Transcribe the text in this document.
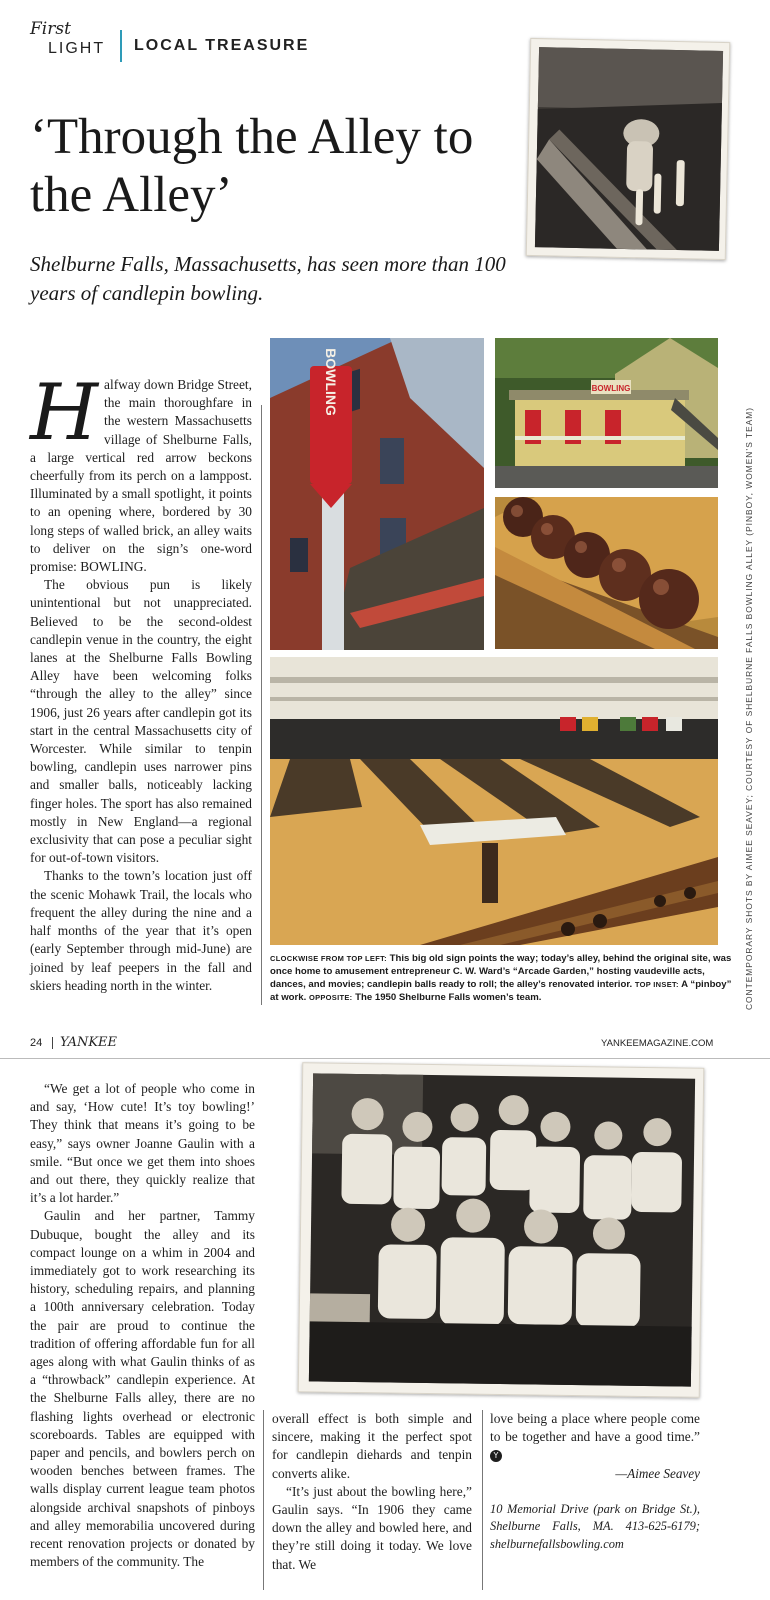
First
LIGHT LOCAL TREASURE
‘Through the Alley to the Alley’
Shelburne Falls, Massachusetts, has seen more than 100 years of candlepin bowling.
BOWLING	BOWLING

Halfway down Bridge Street, the main thoroughfare in the western Massachusetts village of Shelburne Falls, a large vertical red arrow beckons cheerfully from its perch on a lamppost. Illuminated by a small spotlight, it points to an opening where, bordered by 30 long steps of walled brick, an alley waits to deliver on the sign’s one-word promise: BOWLING.

The obvious pun is likely unintentional but not unappreciated. Believed to be the second-oldest candlepin venue in the country, the eight lanes at the Shelburne Falls Bowling Alley have been welcoming folks “through the alley to the alley” since 1906, just 26 years after candlepin got its start in the central Massachusetts city of Worcester. While similar to tenpin bowling, candlepin uses narrower pins and smaller balls, noticeably lacking finger holes. The sport has also remained mostly in New England—a regional exclusivity that can pose a peculiar sight for out-of-town visitors.

Thanks to the town’s location just off the scenic Mohawk Trail, the locals who frequent the alley during the nine and a half months of the year that it’s open (early September through mid-June) are joined by leaf peepers in the fall and skiers heading north in the winter.

CLOCKWISE FROM TOP LEFT: This big old sign points the way; today’s alley, behind the original site, was once home to amusement entrepreneur C. W. Ward’s “Arcade Garden,” hosting vaudeville acts, dances, and movies; candlepin balls ready to roll; the alley’s renovated interior. TOP INSET: A “pinboy” at work. OPPOSITE: The 1950 Shelburne Falls women’s team.	CONTEMPORARY SHOTS BY AIMEE SEAVEY; COURTESY OF SHELBURNE FALLS BOWLING ALLEY (PINBOY, WOMEN’S TEAM)
24 YANKEE	YANKEEMAGAZINE.COM

“We get a lot of people who come in and say, ‘How cute! It’s toy bowling!’ They think that means it’s going to be easy,” says owner Joanne Gaulin with a smile. “But once we get them into shoes and out there, they quickly realize that it’s a lot harder.”

Gaulin and her partner, Tammy Dubuque, bought the alley and its compact lounge on a whim in 2004 and immediately got to work researching its history, scheduling repairs, and planning a 100th anniversary celebration. Today the pair are proud to continue the tradition of offering affordable fun for all ages along with what Gaulin thinks of as a “throwback” candlepin experience. At the Shelburne Falls alley, there are no flashing lights overhead or electronic scoreboards. Tables are equipped with paper and pencils, and bowlers perch on wooden benches between frames. The walls display current league team photos alongside archival snapshots of pinboys and alley memorabilia uncovered during recent renovation projects or donated by members of the community. The

overall effect is both simple and sincere, making it the perfect spot for candlepin diehards and tenpin converts alike.

“It’s just about the bowling here,” Gaulin says. “In 1906 they came down the alley and bowled here, and they’re still doing it today. We love that. We

love being a place where people come to be together and have a good time.” Y

—Aimee Seavey
10 Memorial Drive (park on Bridge St.), Shelburne Falls, MA. 413-625-6179; shelburnefallsbowling.com
